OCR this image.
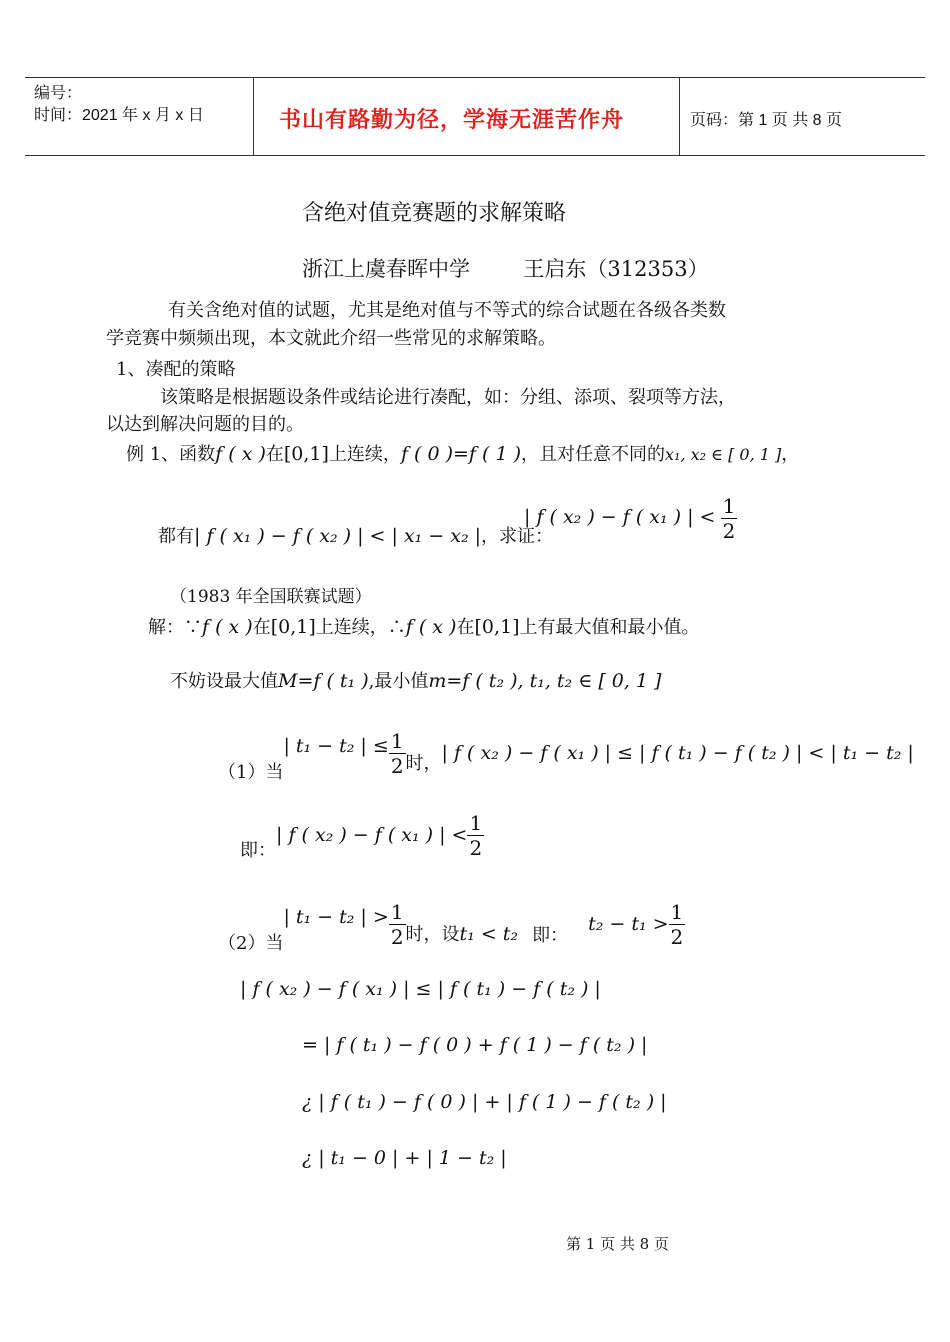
编号：
时间：2021 年 x 月 x 日	书山有路勤为径，学海无涯苦作舟	页码：第 1 页 共 8 页
含绝对值竞赛题的求解策略
浙江上虞春晖中学        王启东（312353）
有关含绝对值的试题，尤其是绝对值与不等式的综合试题在各级各类数
学竞赛中频频出现，本文就此介绍一些常见的求解策略。
1、凑配的策略
该策略是根据题设条件或结论进行凑配，如：分组、添项、裂项等方法，
以达到解决问题的目的。
例 1、函数f ( x )在[0,1]上连续，f ( 0 )=f ( 1 )，且对任意不同的x₁, x₂ ∈ [ 0, 1 ]，
都有| f ( x₁ ) − f ( x₂ ) | < | x₁ − x₂ |，求证：
| f ( x₂ ) − f ( x₁ ) | < $\frac{1}{2}$
（1983 年全国联赛试题）
解：∵f ( x )在[0,1]上连续，∴f ( x )在[0,1]上有最大值和最小值。
不妨设最大值M=f ( t₁ ),最小值m=f ( t₂ ), t₁, t₂ ∈ [ 0, 1 ]
（1）当| t₁ − t₂ | ≤ $\frac{1}{2}$ 时，| f ( x₂ ) − f ( x₁ ) | ≤ | f ( t₁ ) − f ( t₂ ) | < | t₁ − t₂ |
即：| f ( x₂ ) − f ( x₁ ) | < $\frac{1}{2}$
（2）当| t₁ − t₂ | > $\frac{1}{2}$ 时，设t₁ < t₂ 即：$t_2 - t_1 > \frac{1}{2}$
| f ( x₂ ) − f ( x₁ ) | ≤ | f ( t₁ ) − f ( t₂ ) |
= | f ( t₁ ) − f ( 0 ) + f ( 1 ) − f ( t₂ ) |
¿ | f ( t₁ ) − f ( 0 ) | + | f ( 1 ) − f ( t₂ ) |
¿ | t₁ − 0 | + | 1 − t₂ |
第 1 页 共 8 页
